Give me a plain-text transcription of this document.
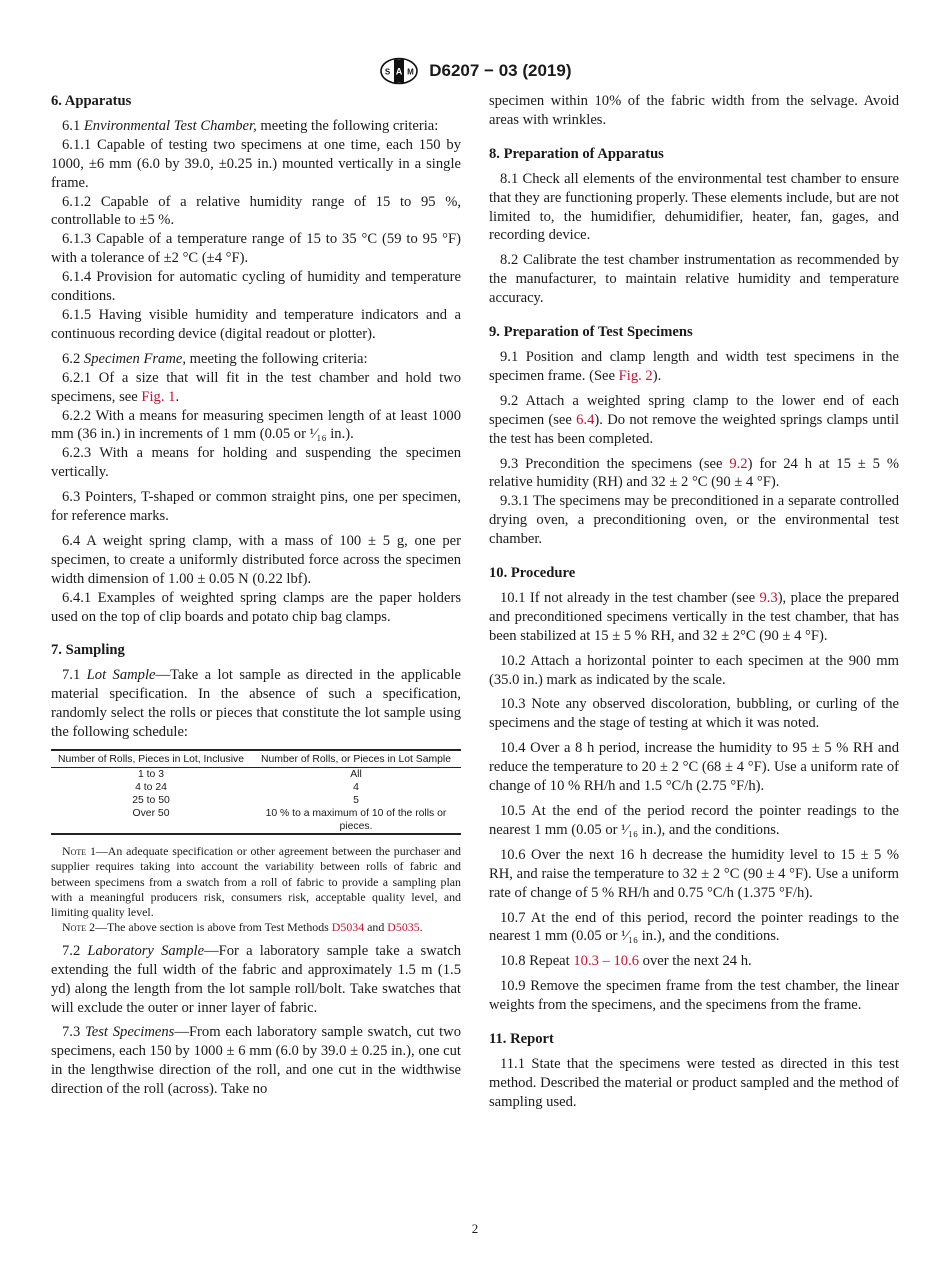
A
S M D6207 − 03 (2019)
6. Apparatus

6.1 Environmental Test Chamber, meeting the following criteria:

6.1.1 Capable of testing two specimens at one time, each 150 by 1000, ±6 mm (6.0 by 39.0, ±0.25 in.) mounted vertically in a single frame.

6.1.2 Capable of a relative humidity range of 15 to 95 %, controllable to ±5 %.

6.1.3 Capable of a temperature range of 15 to 35 °C (59 to 95 °F) with a tolerance of ±2 °C (±4 °F).

6.1.4 Provision for automatic cycling of humidity and temperature conditions.

6.1.5 Having visible humidity and temperature indicators and a continuous recording device (digital readout or plotter).

6.2 Specimen Frame, meeting the following criteria:

6.2.1 Of a size that will fit in the test chamber and hold two specimens, see Fig. 1.

6.2.2 With a means for measuring specimen length of at least 1000 mm (36 in.) in increments of 1 mm (0.05 or ¹⁄₁₆ in.).

6.2.3 With a means for holding and suspending the specimen vertically.

6.3 Pointers, T-shaped or common straight pins, one per specimen, for reference marks.

6.4 A weight spring clamp, with a mass of 100 ± 5 g, one per specimen, to create a uniformly distributed force across the specimen width dimension of 1.00 ± 0.05 N (0.22 lbf).

6.4.1 Examples of weighted spring clamps are the paper holders used on the top of clip boards and potato chip bag clamps.

7. Sampling

7.1 Lot Sample—Take a lot sample as directed in the applicable material specification. In the absence of such a specification, randomly select the rolls or pieces that constitute the lot sample using the following schedule:

Number of Rolls, Pieces in Lot, Inclusive	Number of Rolls, or Pieces in Lot Sample
1 to 3	All
4 to 24	4
25 to 50	5
Over 50	10 % to a maximum of 10 of the rolls or pieces.

Note 1—An adequate specification or other agreement between the purchaser and supplier requires taking into account the variability between rolls of fabric and between specimens from a swatch from a roll of fabric to provide a sampling plan with a meaningful producers risk, consumers risk, acceptable quality level, and limiting quality level.

Note 2—The above section is above from Test Methods D5034 and D5035.

7.2 Laboratory Sample—For a laboratory sample take a swatch extending the full width of the fabric and approximately 1.5 m (1.5 yd) along the length from the lot sample roll/bolt. Take swatches that will exclude the outer or inner layer of fabric.

7.3 Test Specimens—From each laboratory sample swatch, cut two specimens, each 150 by 1000 ± 6 mm (6.0 by 39.0 ± 0.25 in.), one cut in the lengthwise direction of the roll, and one cut in the widthwise direction of the roll (across). Take no

specimen within 10% of the fabric width from the selvage. Avoid areas with wrinkles.

8. Preparation of Apparatus

8.1 Check all elements of the environmental test chamber to ensure that they are functioning properly. These elements include, but are not limited to, the humidifier, dehumidifier, heater, fan, gages, and recording device.

8.2 Calibrate the test chamber instrumentation as recommended by the manufacturer, to maintain relative humidity and temperature accuracy.

9. Preparation of Test Specimens

9.1 Position and clamp length and width test specimens in the specimen frame. (See Fig. 2).

9.2 Attach a weighted spring clamp to the lower end of each specimen (see 6.4). Do not remove the weighted springs clamps until the test has been completed.

9.3 Precondition the specimens (see 9.2) for 24 h at 15 ± 5 % relative humidity (RH) and 32 ± 2 °C (90 ± 4 °F).

9.3.1 The specimens may be preconditioned in a separate controlled drying oven, a preconditioning oven, or the environmental test chamber.

10. Procedure

10.1 If not already in the test chamber (see 9.3), place the prepared and preconditioned specimens vertically in the test chamber, that has been stabilized at 15 ± 5 % RH, and 32 ± 2°C (90 ± 4 °F).

10.2 Attach a horizontal pointer to each specimen at the 900 mm (35.0 in.) mark as indicated by the scale.

10.3 Note any observed discoloration, bubbling, or curling of the specimens and the stage of testing at which it was noted.

10.4 Over a 8 h period, increase the humidity to 95 ± 5 % RH and reduce the temperature to 20 ± 2 °C (68 ± 4 °F). Use a uniform rate of change of 10 % RH/h and 1.5 °C/h (2.75 °F/h).

10.5 At the end of the period record the pointer readings to the nearest 1 mm (0.05 or ¹⁄₁₆ in.), and the conditions.

10.6 Over the next 16 h decrease the humidity level to 15 ± 5 % RH, and raise the temperature to 32 ± 2 °C (90 ± 4 °F). Use a uniform rate of change of 5 % RH/h and 0.75 °C/h (1.375 °F/h).

10.7 At the end of this period, record the pointer readings to the nearest 1 mm (0.05 or ¹⁄₁₆ in.), and the conditions.

10.8 Repeat 10.3 – 10.6 over the next 24 h.

10.9 Remove the specimen frame from the test chamber, the linear weights from the specimens, and the specimens from the frame.

11. Report

11.1 State that the specimens were tested as directed in this test method. Described the material or product sampled and the method of sampling used.

2
